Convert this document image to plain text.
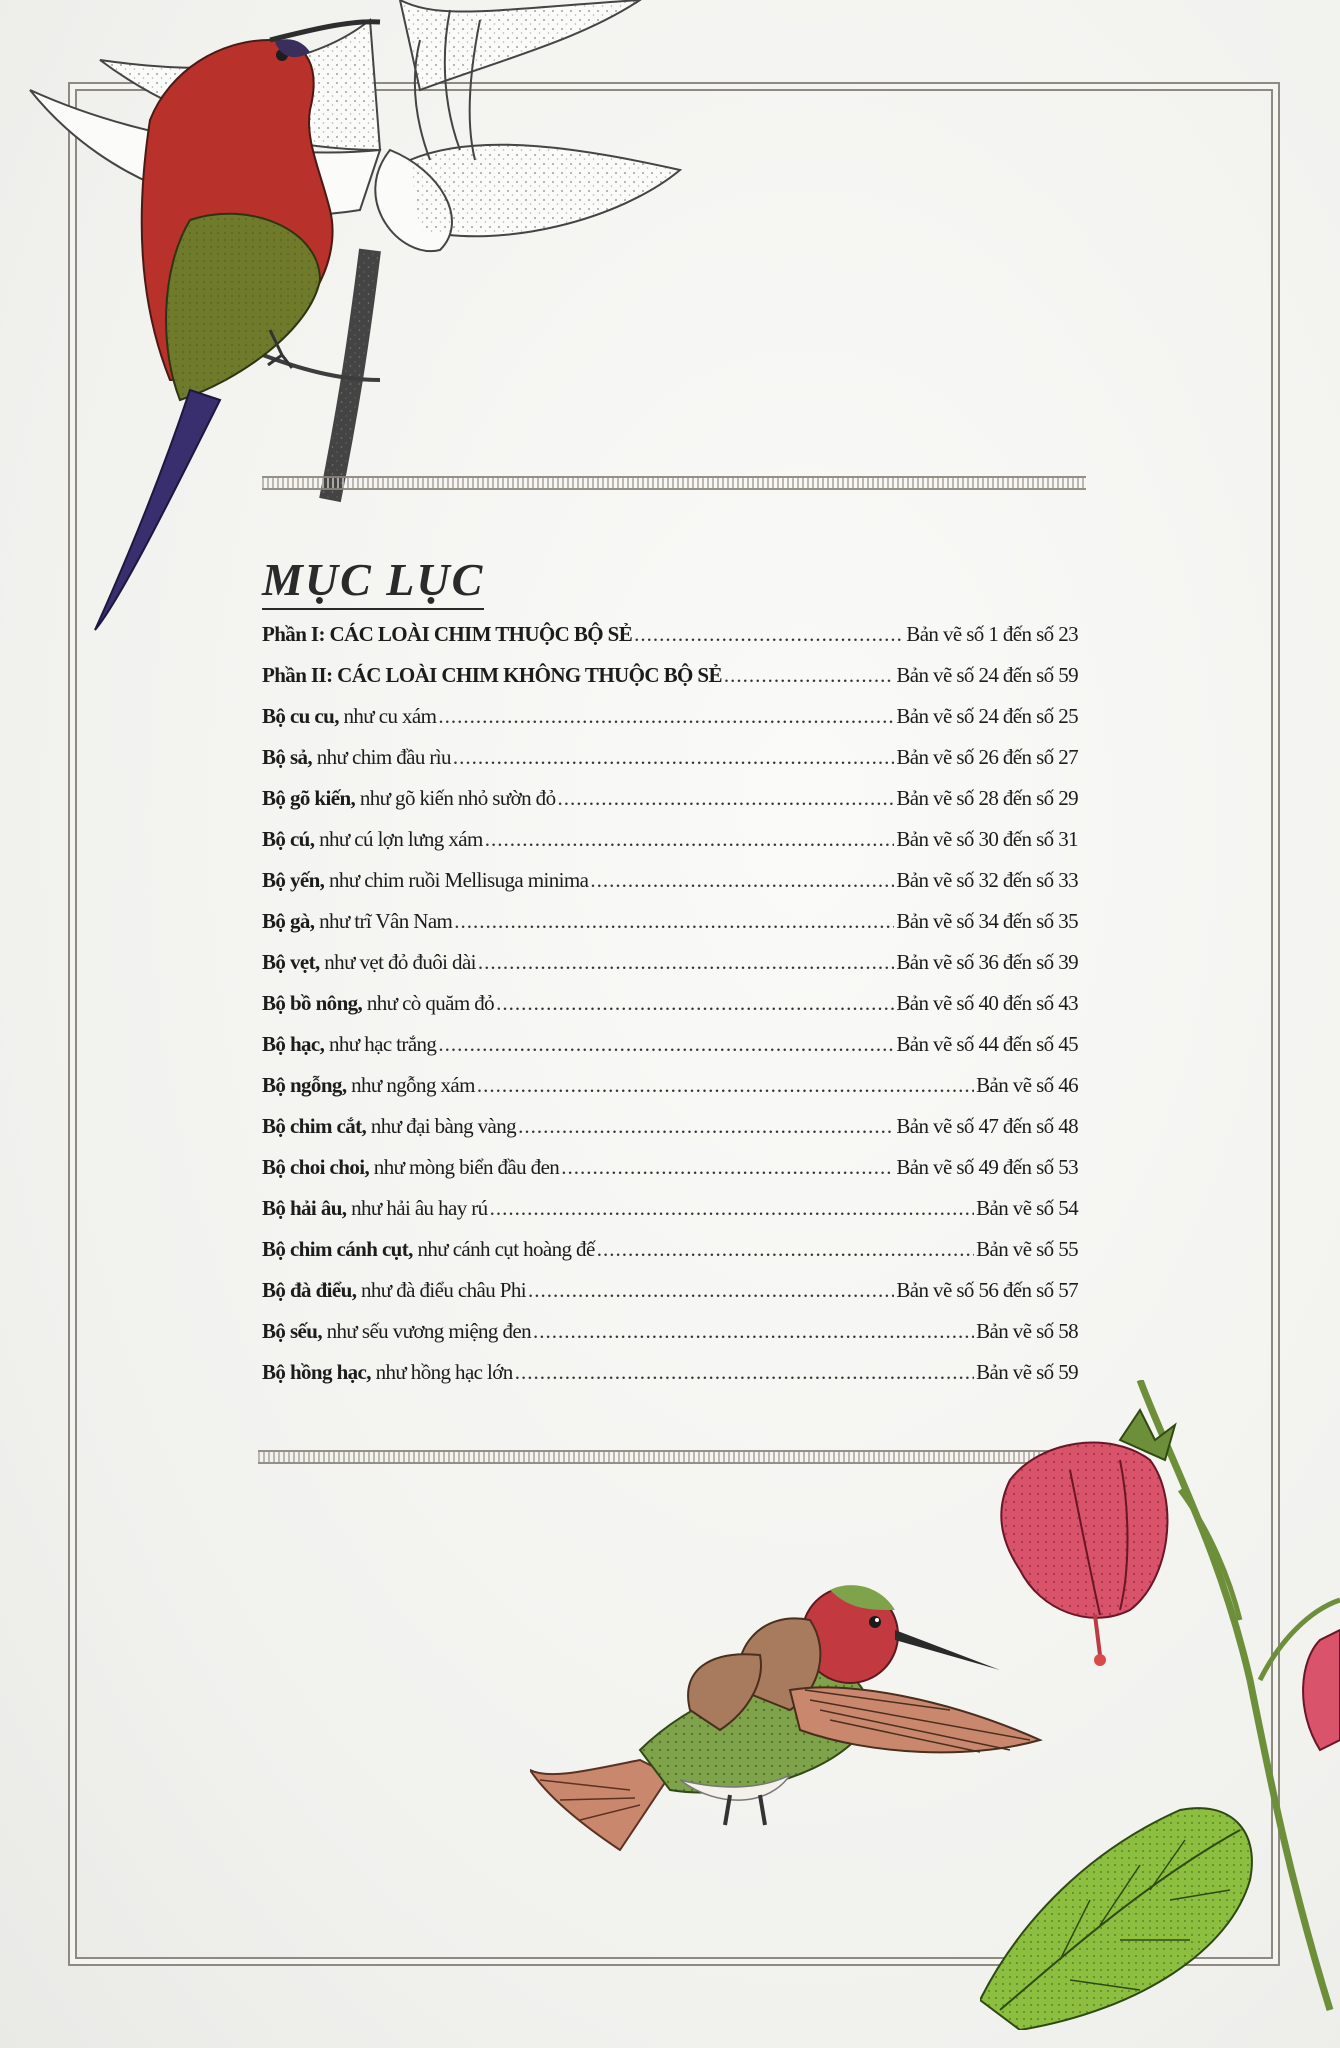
MỤC LỤC
Phần I: CÁC LOÀI CHIM THUỘC BỘ SẺ .....	Bản vẽ số 1 đến số 23
Phần II: CÁC LOÀI CHIM KHÔNG THUỘC BỘ SẺ .....	Bản vẽ số 24 đến số 59
Bộ cu cu, như cu xám .....	Bản vẽ số 24 đến số 25
Bộ sả, như chim đầu rìu .....	Bản vẽ số 26 đến số 27
Bộ gõ kiến, như gõ kiến nhỏ sườn đỏ .....	Bản vẽ số 28 đến số 29
Bộ cú, như cú lợn lưng xám .....	Bản vẽ số 30 đến số 31
Bộ yến, như chim ruồi Mellisuga minima .....	Bản vẽ số 32 đến số 33
Bộ gà, như trĩ Vân Nam .....	Bản vẽ số 34 đến số 35
Bộ vẹt, như vẹt đỏ đuôi dài .....	Bản vẽ số 36 đến số 39
Bộ bồ nông, như cò quăm đỏ .....	Bản vẽ số 40 đến số 43
Bộ hạc, như hạc trắng .....	Bản vẽ số 44 đến số 45
Bộ ngỗng, như ngỗng xám .....	Bản vẽ số 46
Bộ chim cắt, như đại bàng vàng .....	Bản vẽ số 47 đến số 48
Bộ choi choi, như mòng biển đầu đen .....	Bản vẽ số 49 đến số 53
Bộ hải âu, như hải âu hay rú .....	Bản vẽ số 54
Bộ chim cánh cụt, như cánh cụt hoàng đế .....	Bản vẽ số 55
Bộ đà điểu, như đà điểu châu Phi .....	Bản vẽ số 56 đến số 57
Bộ sếu, như sếu vương miệng đen .....	Bản vẽ số 58
Bộ hồng hạc, như hồng hạc lớn .....	Bản vẽ số 59
